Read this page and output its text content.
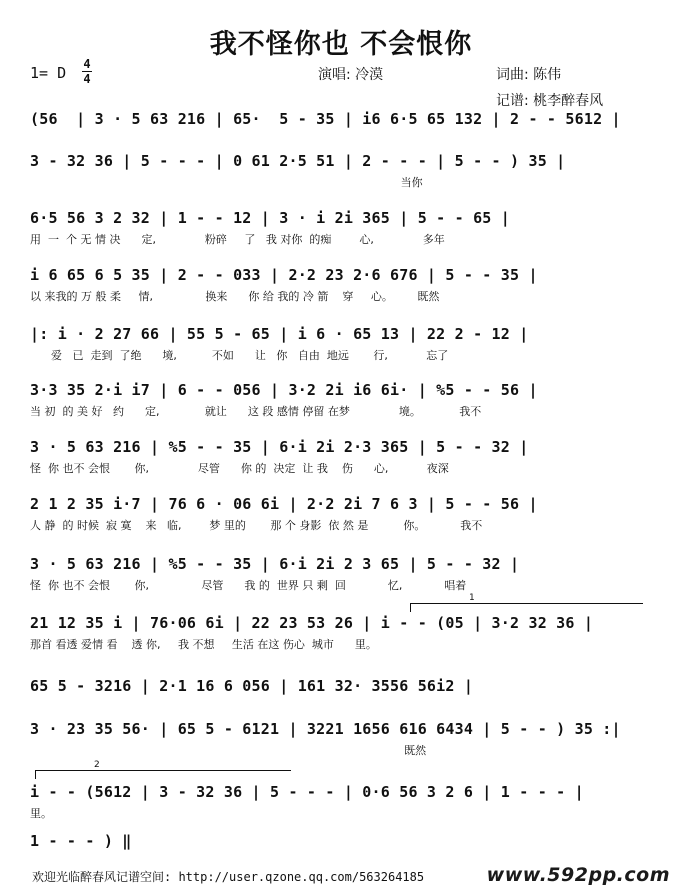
我不怪你也 不会恨你
1= D 4
4	演唱: 冷漠	词曲: 陈伟
记谱: 桃李醉春风
(56  | 3 · 5 63 216 | 65·  5 - 35 | i6 6·5 65 132 | 2 - - 5612 |
3 - 32 36 | 5 - - - | 0 61 2·5 51 | 2 - - - | 5 - - ) 35 |
当你
6·5 56 3 2 32 | 1 - - 12 | 3 · i 2i 365 | 5 - - 65 |
用  一  个 无 情 决      定,              粉碎     了   我 对你  的痴        心,              多年
i 6 65 6 5 35 | 2 - - 033 | 2·2 23 2·6 676 | 5 - - 35 |
以 来我的 万 般 柔     情,               换来      你 给 我的 冷 箭    穿     心。       既然
|: i · 2 27 66 | 55 5 - 65 | i 6 · 65 13 | 22 2 - 12 |
爱   已  走到  了绝      境,          不如      让   你   自由  地远       行,           忘了
3·3 35 2·i i7 | 6 - - 056 | 3·2 2i i6 6i· | %5 - - 56 |
当 初  的 美 好   约      定,             就让      这 段 感情 停留 在梦              境。           我不
3 · 5 63 216 | %5 - - 35 | 6·i 2i 2·3 365 | 5 - - 32 |
怪  你 也不 会恨       你,              尽管      你 的  决定  让 我    伤      心,           夜深
2 1 2 35 i·7 | 76 6 · 06 6i | 2·2 2i 7 6 3 | 5 - - 56 |
人 静  的 时候  寂 寞    来   临,        梦 里的       那 个 身影  依 然 是          你。          我不
3 · 5 63 216 | %5 - - 35 | 6·i 2i 2 3 65 | 5 - - 32 |
怪  你 也不 会恨       你,               尽管      我 的  世界 只 剩  回            忆,            唱着
1
21 12 35 i | 76·06 6i | 22 23 53 26 | i - - (05 | 3·2 32 36 |
那首 看透 爱情 看    透 你,     我 不想     生活 在这 伤心  城市      里。
65 5 - 3216 | 2·1 16 6 056 | 161 32· 3556 56i2 |
3 · 23 35 56· | 65 5 - 6121 | 3221 1656 616 6434 | 5 - - ) 35 :|
既然
2
i - - (5612 | 3 - 32 36 | 5 - - - | 0·6 56 3 2 6 | 1 - - - |
里。
1 - - - ) ‖
欢迎光临醉春风记谱空间: http://user.qzone.qq.com/563264185	www.592pp.com
